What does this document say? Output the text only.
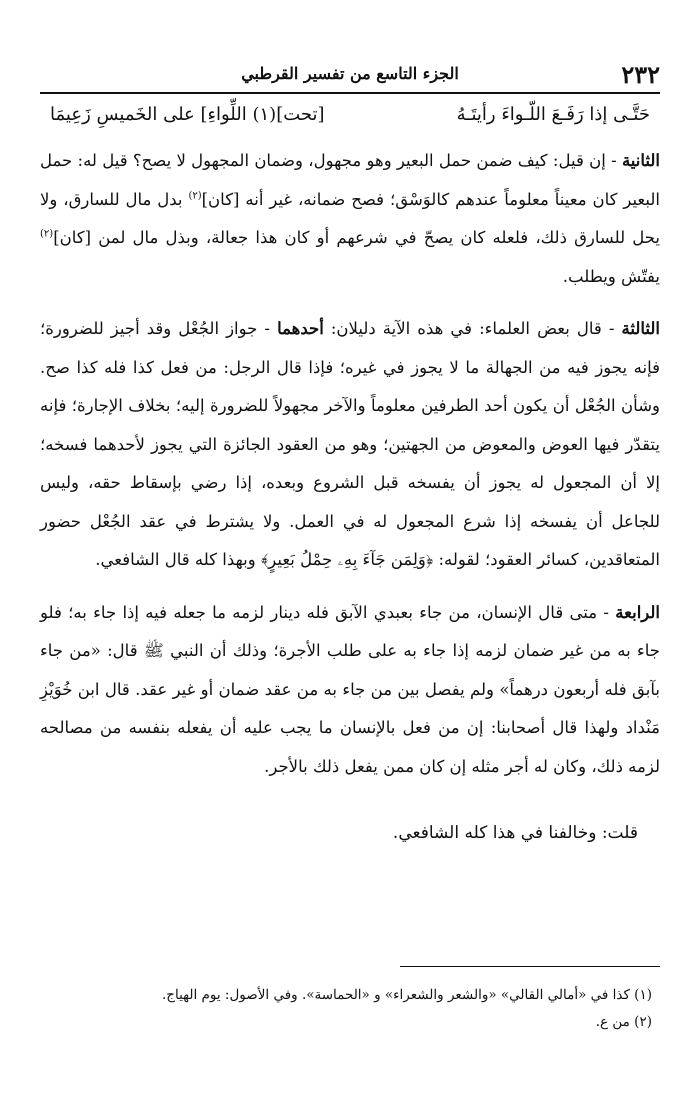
٢٣٢
الجزء التاسع من تفسير القرطبي
حَتَّـى إذا رَفَـعَ اللّـواءَ رأيتَـهُ
[تحت](١) اللِّواءِ] على الخَميسِ زَعِيمَا

الثانية - إن قيل: كيف ضمن حمل البعير وهو مجهول، وضمان المجهول لا يصح؟ قيل له: حمل البعير كان معيناً معلوماً عندهم كالوَسْق؛ فصح ضمانه، غير أنه [كان]$^{(٢)}$ بدل مال للسارق، ولا يحل للسارق ذلك، فلعله كان يصحّ في شرعهم أو كان هذا جعالة، وبذل مال لمن [كان]$^{(٢)}$ يفتّش ويطلب.

الثالثة - قال بعض العلماء: في هذه الآية دليلان: أحدهما - جواز الجُعْل وقد أجيز للضرورة؛ فإنه يجوز فيه من الجهالة ما لا يجوز في غيره؛ فإذا قال الرجل: من فعل كذا فله كذا صح. وشأن الجُعْل أن يكون أحد الطرفين معلوماً والآخر مجهولاً للضرورة إليه؛ بخلاف الإجارة؛ فإنه يتقدّر فيها العوض والمعوض من الجهتين؛ وهو من العقود الجائزة التي يجوز لأحدهما فسخه؛ إلا أن المجعول له يجوز أن يفسخه قبل الشروع وبعده، إذا رضي بإسقاط حقه، وليس للجاعل أن يفسخه إذا شرع المجعول له في العمل. ولا يشترط في عقد الجُعْل حضور المتعاقدين، كسائر العقود؛ لقوله: ﴿وَلِمَن جَآءَ بِهِۦ حِمْلُ بَعِيرٍ﴾ وبهذا كله قال الشافعي.

الرابعة - متى قال الإنسان، من جاء بعبدي الآبق فله دينار لزمه ما جعله فيه إذا جاء به؛ فلو جاء به من غير ضمان لزمه إذا جاء به على طلب الأجرة؛ وذلك أن النبي ﷺ قال: «من جاء بآبق فله أربعون درهماً» ولم يفصل بين من جاء به من عقد ضمان أو غير عقد. قال ابن خُوَيْزِ مَنْداد ولهذا قال أصحابنا: إن من فعل بالإنسان ما يجب عليه أن يفعله بنفسه من مصالحه لزمه ذلك، وكان له أجر مثله إن كان ممن يفعل ذلك بالأجر.

قلت: وخالفنا في هذا كله الشافعي.

(١) كذا في «أمالي القالي» «والشعر والشعراء» و «الحماسة». وفي الأصول: يوم الهياج.

(٢) من ع.
